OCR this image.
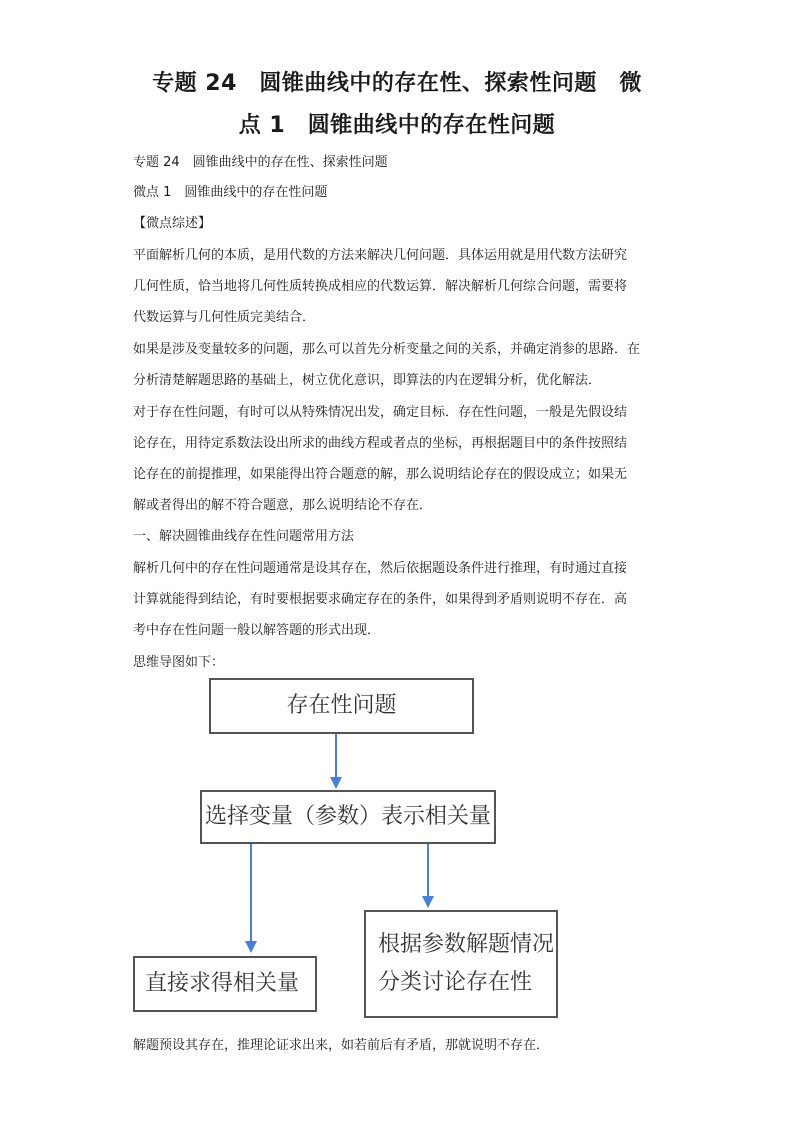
专题 24　圆锥曲线中的存在性、探索性问题　微
点 1　圆锥曲线中的存在性问题
专题 24　圆锥曲线中的存在性、探索性问题
微点 1　圆锥曲线中的存在性问题
【微点综述】
平面解析几何的本质，是用代数的方法来解决几何问题．具体运用就是用代数方法研究
几何性质，恰当地将几何性质转换成相应的代数运算．解决解析几何综合问题，需要将
代数运算与几何性质完美结合．
如果是涉及变量较多的问题，那么可以首先分析变量之间的关系，并确定消参的思路．在
分析清楚解题思路的基础上，树立优化意识，即算法的内在逻辑分析，优化解法．
对于存在性问题，有时可以从特殊情况出发，确定目标．存在性问题，一般是先假设结
论存在，用待定系数法设出所求的曲线方程或者点的坐标，再根据题目中的条件按照结
论存在的前提推理，如果能得出符合题意的解，那么说明结论存在的假设成立；如果无
解或者得出的解不符合题意，那么说明结论不存在．
一、解决圆锥曲线存在性问题常用方法
解析几何中的存在性问题通常是设其存在，然后依据题设条件进行推理，有时通过直接
计算就能得到结论，有时要根据要求确定存在的条件，如果得到矛盾则说明不存在．高
考中存在性问题一般以解答题的形式出现．
思维导图如下：
存在性问题
选择变量（参数）表示相关量
直接求得相关量
根据参数解题情况
分类讨论存在性
解题预设其存在，推理论证求出来，如若前后有矛盾，那就说明不存在．
